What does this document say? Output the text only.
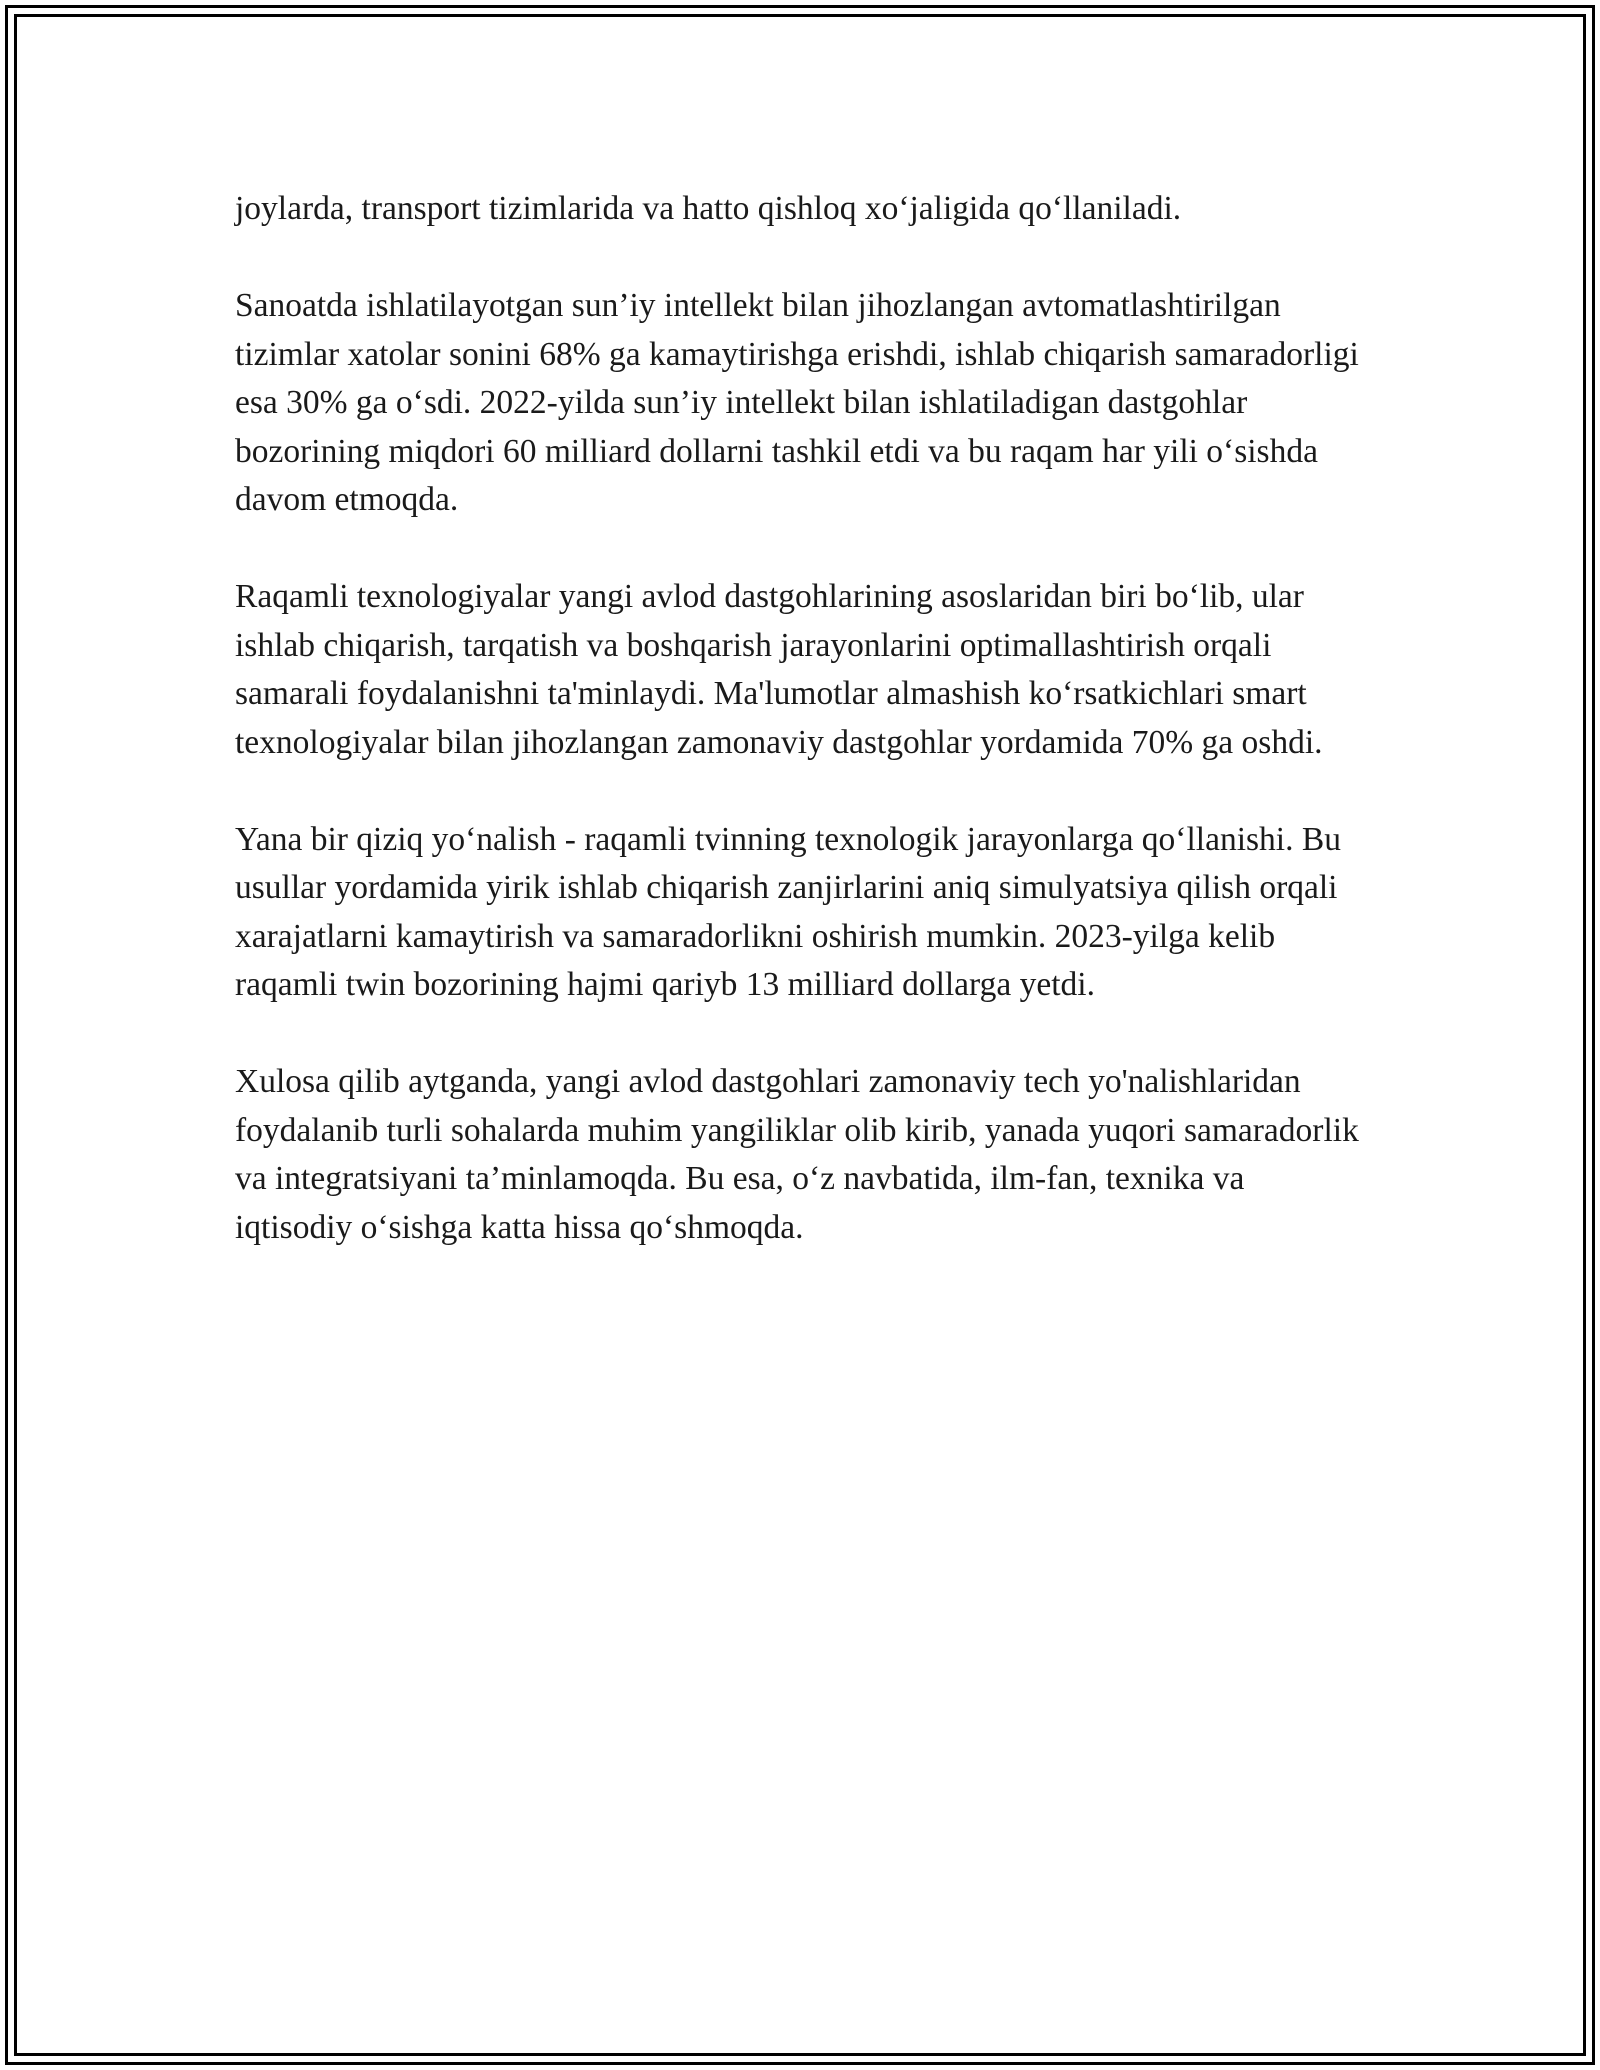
joylarda, transport tizimlarida va hatto qishloq xo‘jaligida qo‘llaniladi.

Sanoatda ishlatilayotgan sun’iy intellekt bilan jihozlangan avtomatlashtirilgan tizimlar xatolar sonini 68% ga kamaytirishga erishdi, ishlab chiqarish samaradorligi esa 30% ga o‘sdi. 2022-yilda sun’iy intellekt bilan ishlatiladigan dastgohlar bozorining miqdori 60 milliard dollarni tashkil etdi va bu raqam har yili o‘sishda davom etmoqda.

Raqamli texnologiyalar yangi avlod dastgohlarining asoslaridan biri bo‘lib, ular ishlab chiqarish, tarqatish va boshqarish jarayonlarini optimallashtirish orqali samarali foydalanishni ta'minlaydi. Ma'lumotlar almashish ko‘rsatkichlari smart texnologiyalar bilan jihozlangan zamonaviy dastgohlar yordamida 70% ga oshdi.

Yana bir qiziq yo‘nalish - raqamli tvinning texnologik jarayonlarga qo‘llanishi. Bu usullar yordamida yirik ishlab chiqarish zanjirlarini aniq simulyatsiya qilish orqali xarajatlarni kamaytirish va samaradorlikni oshirish mumkin. 2023-yilga kelib raqamli twin bozorining hajmi qariyb 13 milliard dollarga yetdi.

Xulosa qilib aytganda, yangi avlod dastgohlari zamonaviy tech yo'nalishlaridan foydalanib turli sohalarda muhim yangiliklar olib kirib, yanada yuqori samaradorlik va integratsiyani ta’minlamoqda. Bu esa, o‘z navbatida, ilm-fan, texnika va iqtisodiy o‘sishga katta hissa qo‘shmoqda.
